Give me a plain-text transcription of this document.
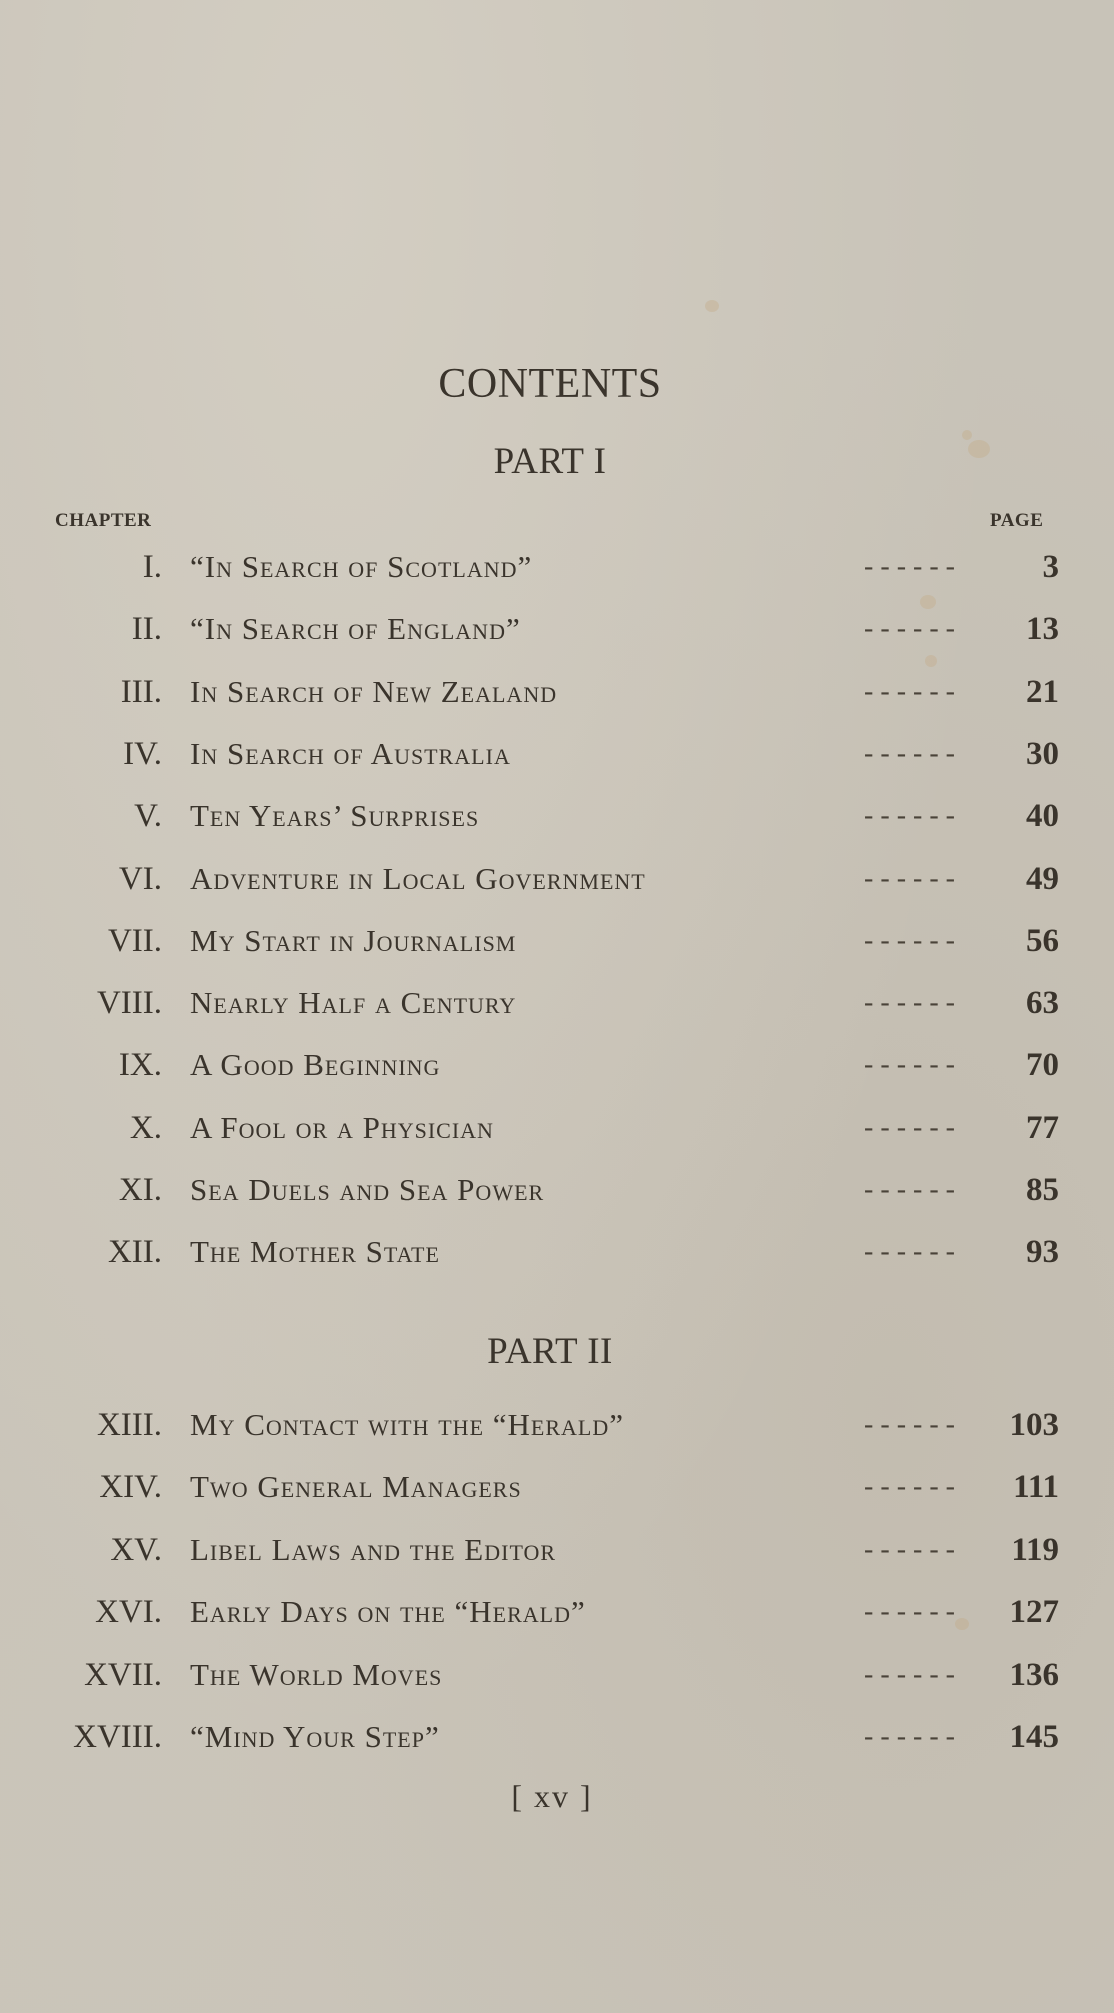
CONTENTS
PART I
CHAPTER	PAGE
I. “In Search of Scotland”	- - - - - -	3
II. “In Search of England”	- - - - - -	13
III. In Search of New Zealand	- - - - - -	21
IV. In Search of Australia	- - - - - -	30
V. Ten Years’ Surprises	- - - - - -	40
VI. Adventure in Local Government	- - - - - -	49
VII. My Start in Journalism	- - - - - -	56
VIII. Nearly Half a Century	- - - - - -	63
IX. A Good Beginning	- - - - - -	70
X. A Fool or a Physician	- - - - - -	77
XI. Sea Duels and Sea Power	- - - - - -	85
XII. The Mother State	- - - - - -	93
PART II
XIII. My Contact with the “Herald”	- - - - - -	103
XIV. Two General Managers	- - - - - -	111
XV. Libel Laws and the Editor	- - - - - -	119
XVI. Early Days on the “Herald”	- - - - - -	127
XVII. The World Moves	- - - - - -	136
XVIII. “Mind Your Step”	- - - - - -	145
[ xv ]
